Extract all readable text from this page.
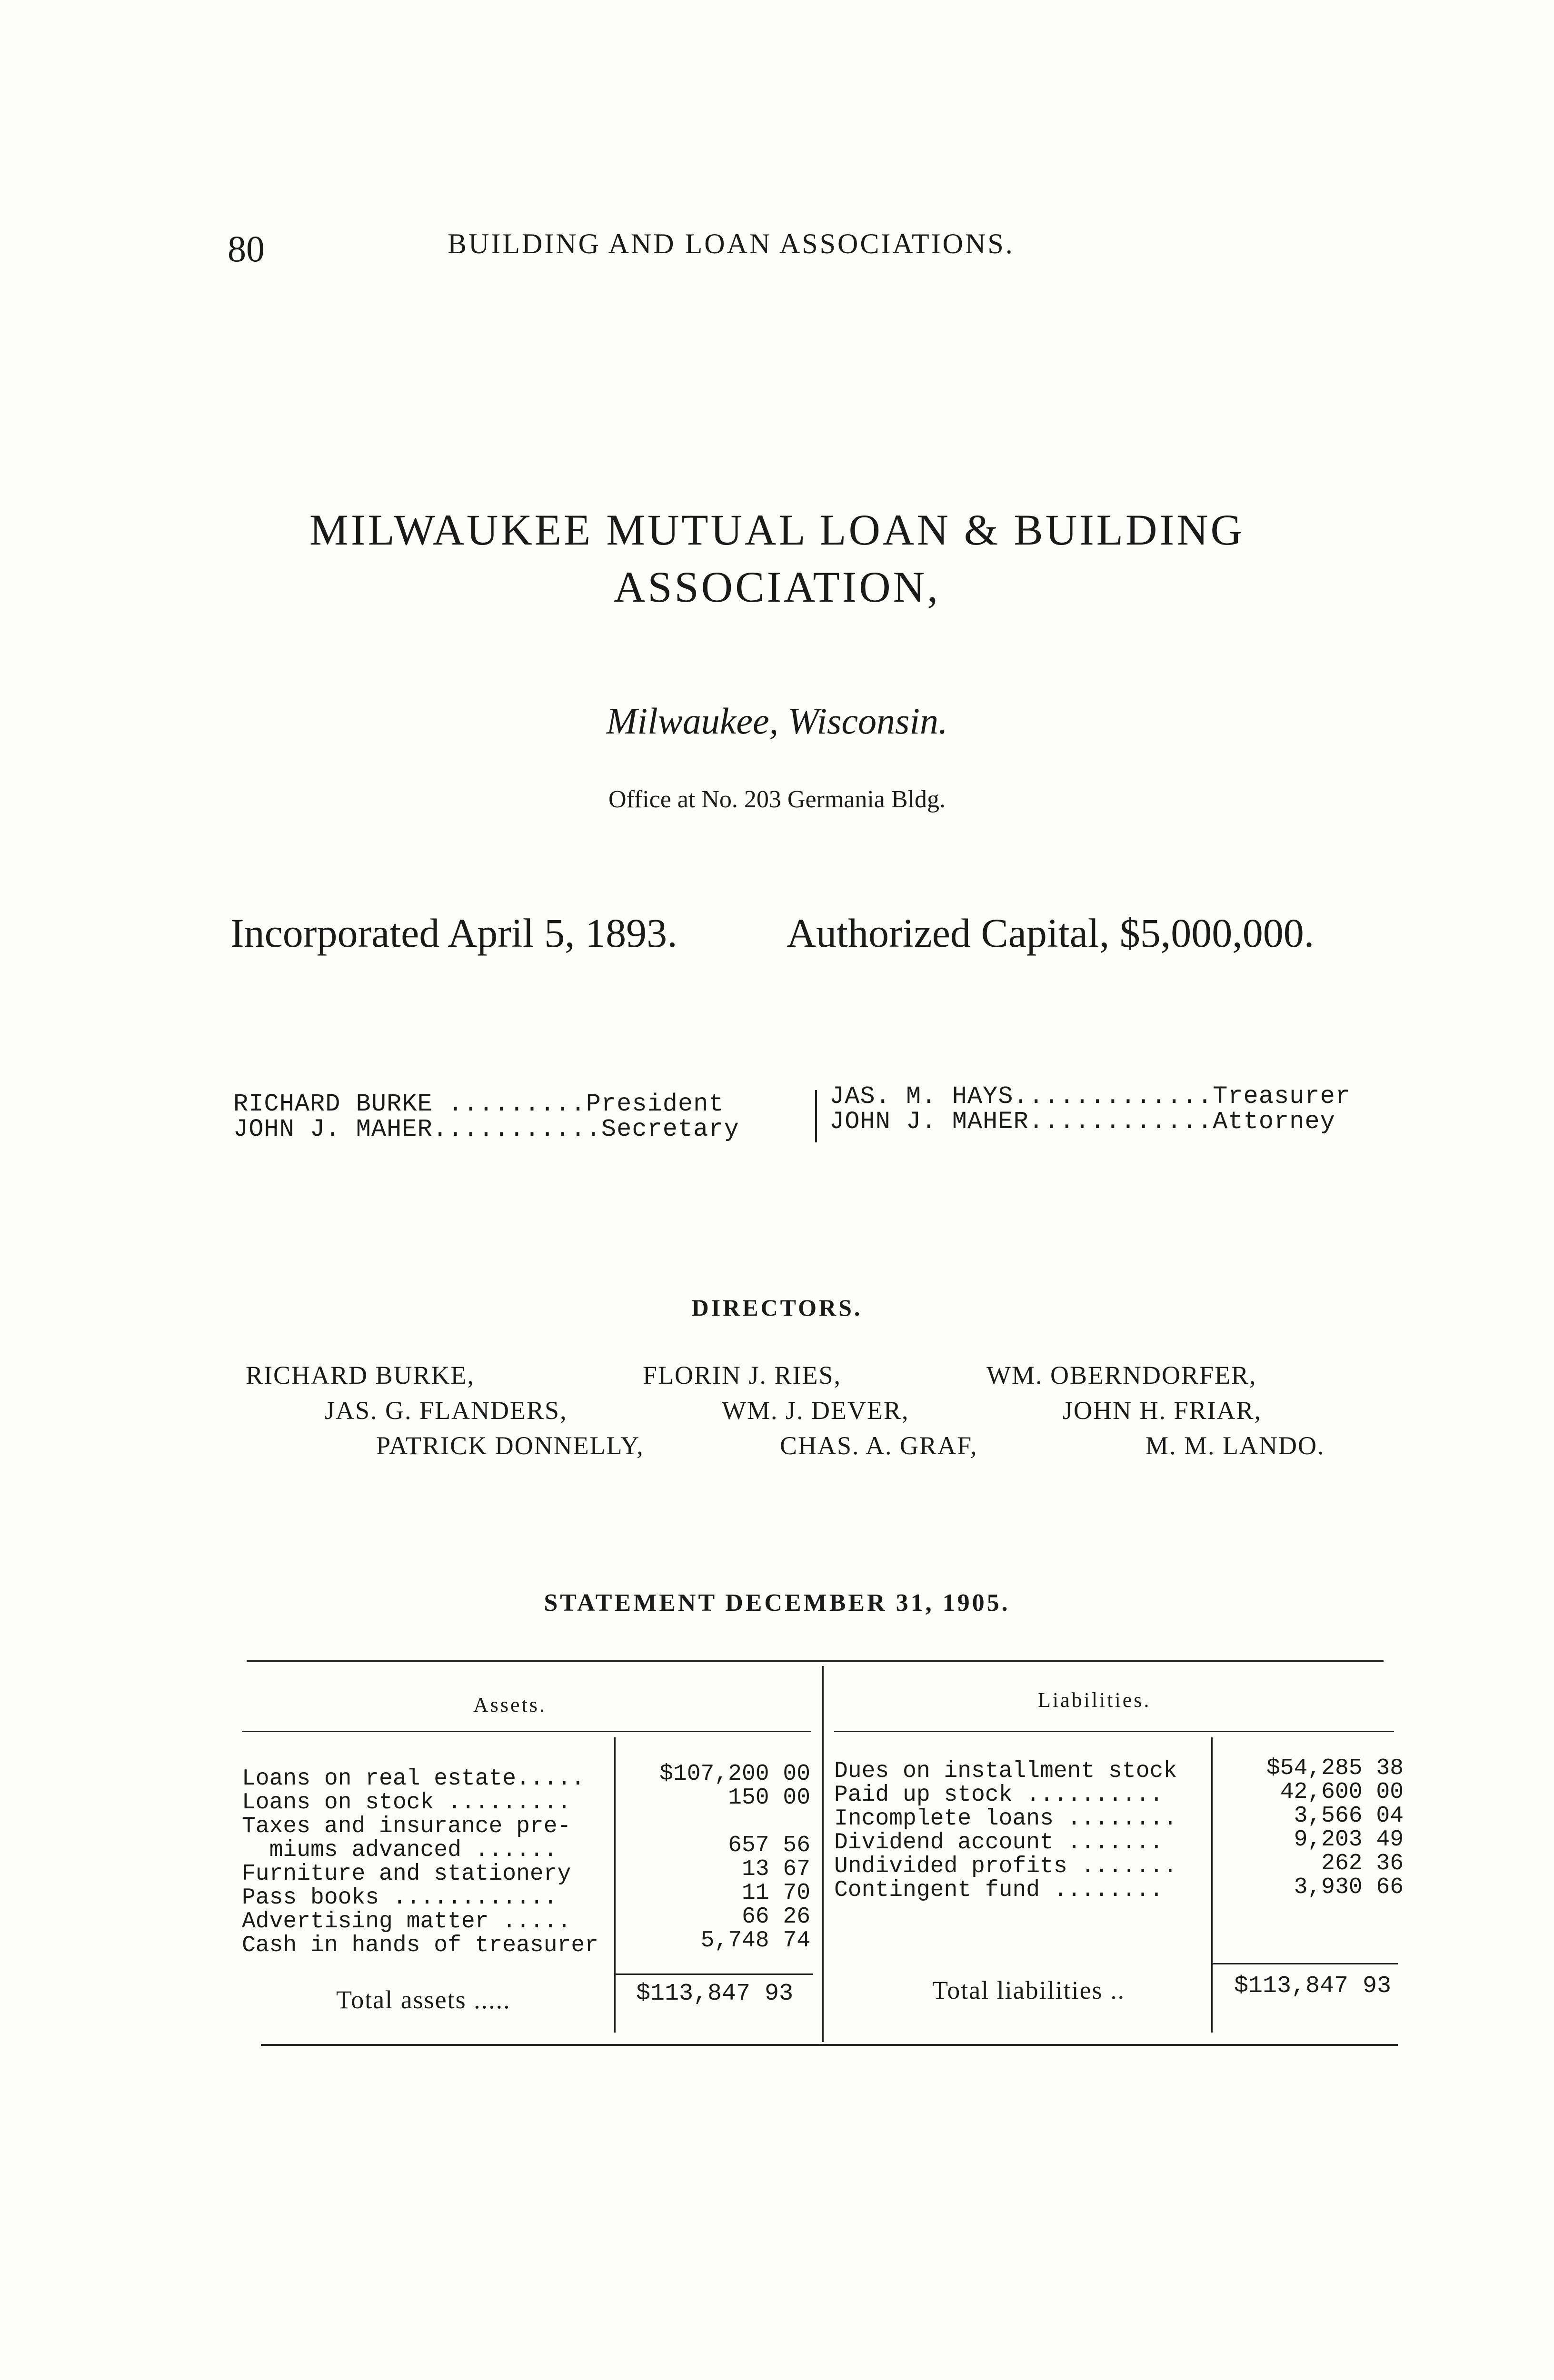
80	BUILDING AND LOAN ASSOCIATIONS.
MILWAUKEE MUTUAL LOAN & BUILDING
ASSOCIATION,
Milwaukee, Wisconsin.
Office at No. 203 Germania Bldg.
Incorporated April 5, 1893.	Authorized Capital, $5,000,000.
RICHARD BURKE .........President
JOHN J. MAHER...........Secretary
JAS. M. HAYS.............Treasurer
JOHN J. MAHER............Attorney
DIRECTORS.
RICHARD BURKE,	FLORIN J. RIES,	WM. OBERNDORFER,
JAS. G. FLANDERS,	WM. J. DEVER,	JOHN H. FRIAR,
PATRICK DONNELLY,	CHAS. A. GRAF,	M. M. LANDO.
STATEMENT DECEMBER 31, 1905.
Assets.	Liabilities.
Loans on real estate.....	$107,200 00
Loans on stock .........	150 00
Taxes and insurance pre-
miums advanced ......	657 56
Furniture and stationery	13 67
Pass books ............	11 70
Advertising matter .....	66 26
Cash in hands of treasurer	5,748 74
Total assets .....	$113,847 93
Dues on installment stock	$54,285 38
Paid up stock ..........	42,600 00
Incomplete loans ........	3,566 04
Dividend account .......	9,203 49
Undivided profits .......	262 36
Contingent fund ........	3,930 66
Total liabilities ..	$113,847 93
